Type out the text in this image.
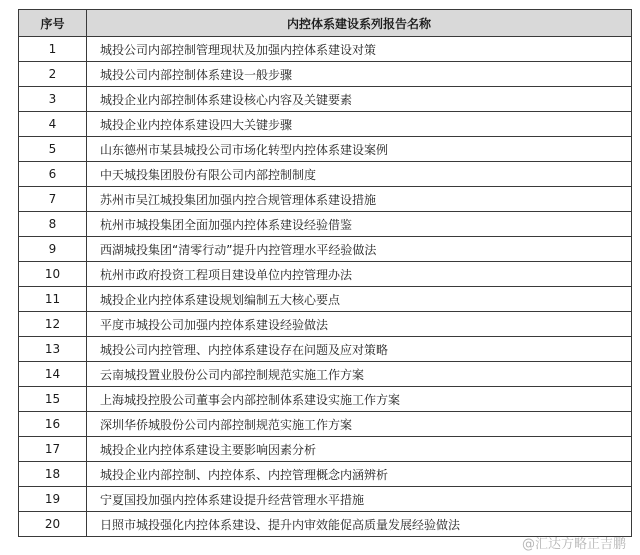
序号	内控体系建设系列报告名称
1	城投公司内部控制管理现状及加强内控体系建设对策
2	城投公司内部控制体系建设一般步骤
3	城投企业内部控制体系建设核心内容及关键要素
4	城投企业内控体系建设四大关键步骤
5	山东德州市某县城投公司市场化转型内控体系建设案例
6	中天城投集团股份有限公司内部控制制度
7	苏州市吴江城投集团加强内控合规管理体系建设措施
8	杭州市城投集团全面加强内控体系建设经验借鉴
9	西湖城投集团“清零行动”提升内控管理水平经验做法
10	杭州市政府投资工程项目建设单位内控管理办法
11	城投企业内控体系建设规划编制五大核心要点
12	平度市城投公司加强内控体系建设经验做法
13	城投公司内控管理、内控体系建设存在问题及应对策略
14	云南城投置业股份公司内部控制规范实施工作方案
15	上海城投控股公司董事会内部控制体系建设实施工作方案
16	深圳华侨城股份公司内部控制规范实施工作方案
17	城投企业内控体系建设主要影响因素分析
18	城投企业内部控制、内控体系、内控管理概念内涵辨析
19	宁夏国投加强内控体系建设提升经营管理水平措施
20	日照市城投强化内控体系建设、提升内审效能促高质量发展经验做法
@汇达方略正吉鹏
